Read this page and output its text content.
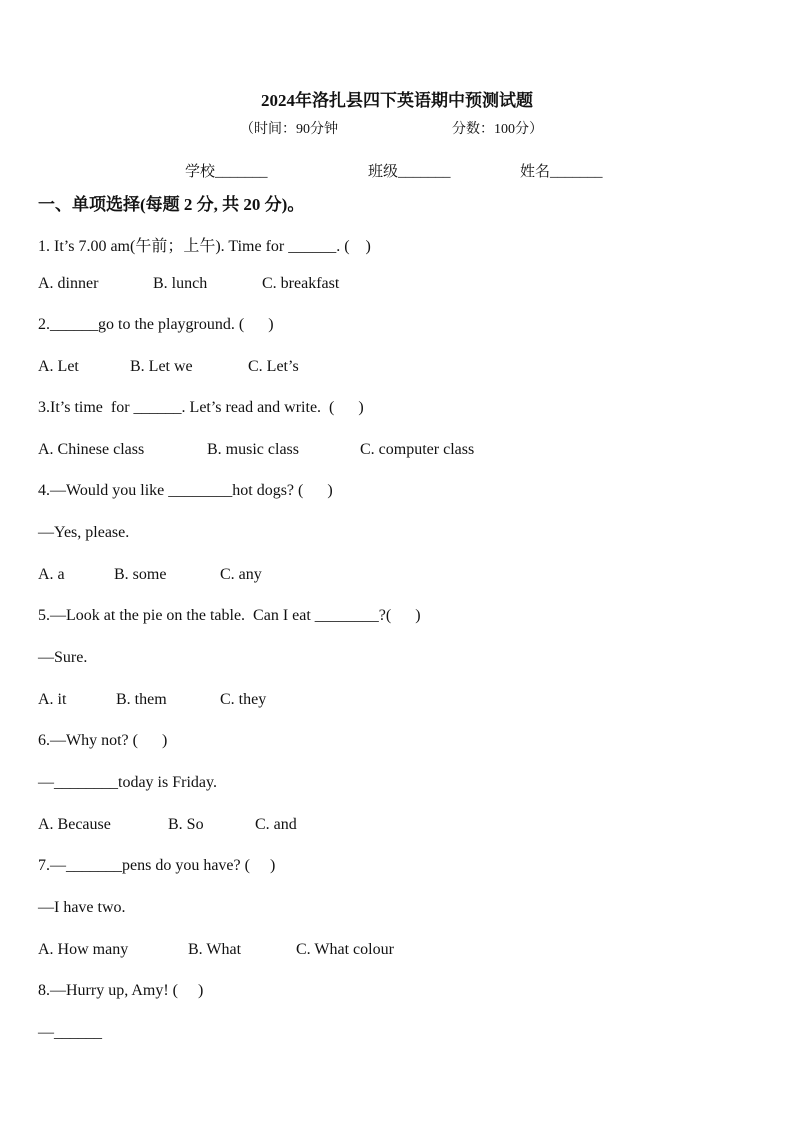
2024年洛扎县四下英语期中预测试题
（时间：90分钟	分数：100分）
学校_______	班级_______	姓名_______
一、单项选择(每题 2 分, 共 20 分)。
1. It’s 7.00 am(午前；上午). Time for ______. (    )
A. dinner	B. lunch	C. breakfast
2.______go to the playground. (      )
A. Let	B. Let we	C. Let’s
3.It’s time  for ______. Let’s read and write.  (      )
A. Chinese class	B. music class	C. computer class
4.—Would you like ________hot dogs? (      )
—Yes, please.
A. a	B. some	C. any
5.—Look at the pie on the table.  Can I eat ________?(      )
—Sure.
A. it	B. them	C. they
6.—Why not? (      )
—________today is Friday.
A. Because	B. So	C. and
7.—_______pens do you have? (     )
—I have two.
A. How many	B. What	C. What colour
8.—Hurry up, Amy! (     )
—______
